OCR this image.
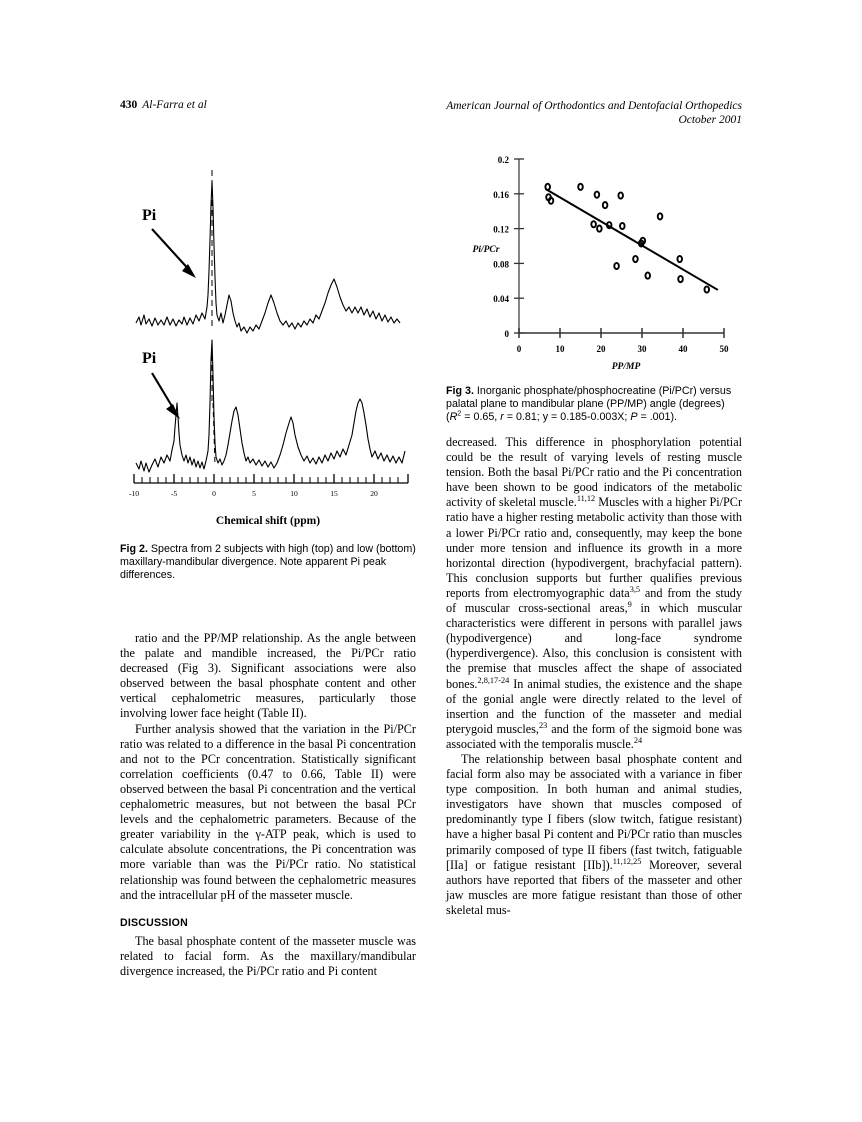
430 Al-Farra et al	American Journal of Orthodontics and Dentofacial Orthopedics
October 2001
Pi
Pi
-10	-5	0	5	10	15	20
Chemical shift (ppm)

Fig 2. Spectra from 2 subjects with high (top) and low (bottom) maxillary-mandibular divergence. Note apparent Pi peak differences.

ratio and the PP/MP relationship. As the angle between the palate and mandible increased, the Pi/PCr ratio decreased (Fig 3). Significant associations were also observed between the basal phosphate content and other vertical cephalometric measures, particularly those involving lower face height (Table II).

Further analysis showed that the variation in the Pi/PCr ratio was related to a difference in the basal Pi concentration and not to the PCr concentration. Statistically significant correlation coefficients (0.47 to 0.66, Table II) were observed between the basal Pi concentration and the vertical cephalometric measures, but not between the basal PCr levels and the cephalometric parameters. Because of the greater variability in the γ-ATP peak, which is used to calculate absolute concentrations, the Pi concentration was more variable than was the Pi/PCr ratio. No statistical relationship was found between the cephalometric measures and the intracellular pH of the masseter muscle.

DISCUSSION

The basal phosphate content of the masseter muscle was related to facial form. As the maxillary/mandibular divergence increased, the Pi/PCr ratio and Pi content

0.2
0.16
0.12
0.08
0.04
0
Pi/PCr
0	10	20	30	40	50
PP/MP

Fig 3. Inorganic phosphate/phosphocreatine (Pi/PCr) versus palatal plane to mandibular plane (PP/MP) angle (degrees) ($R^2 = 0.65$, r = 0.81; y = 0.185-0.003X; P = .001).

decreased. This difference in phosphorylation potential could be the result of varying levels of resting muscle tension. Both the basal Pi/PCr ratio and the Pi concentration have been shown to be good indicators of the metabolic activity of skeletal muscle.$^{11,12}$ Muscles with a higher Pi/PCr ratio have a higher resting metabolic activity than those with a lower Pi/PCr ratio and, consequently, may keep the bone under more tension and influence its growth in a more horizontal direction (hypodivergent, brachyfacial pattern). This conclusion supports but further qualifies previous reports from electromyographic data$^{3,5}$ and from the study of muscular cross-sectional areas,$^9$ in which muscular characteristics were different in persons with parallel jaws (hypodivergence) and long-face syndrome (hyperdivergence). Also, this conclusion is consistent with the premise that muscles affect the shape of associated bones.$^{2,8,17-24}$ In animal studies, the existence and the shape of the gonial angle were directly related to the level of insertion and the function of the masseter and medial pterygoid muscles,$^{23}$ and the form of the sigmoid bone was associated with the temporalis muscle.$^{24}$

The relationship between basal phosphate content and facial form also may be associated with a variance in fiber type composition. In both human and animal studies, investigators have shown that muscles composed of predominantly type I fibers (slow twitch, fatigue resistant) have a higher basal Pi content and Pi/PCr ratio than muscles primarily composed of type II fibers (fast twitch, fatiguable [IIa] or fatigue resistant [IIb]).$^{11,12,25}$ Moreover, several authors have reported that fibers of the masseter and other jaw muscles are more fatigue resistant than those of other skeletal mus-
